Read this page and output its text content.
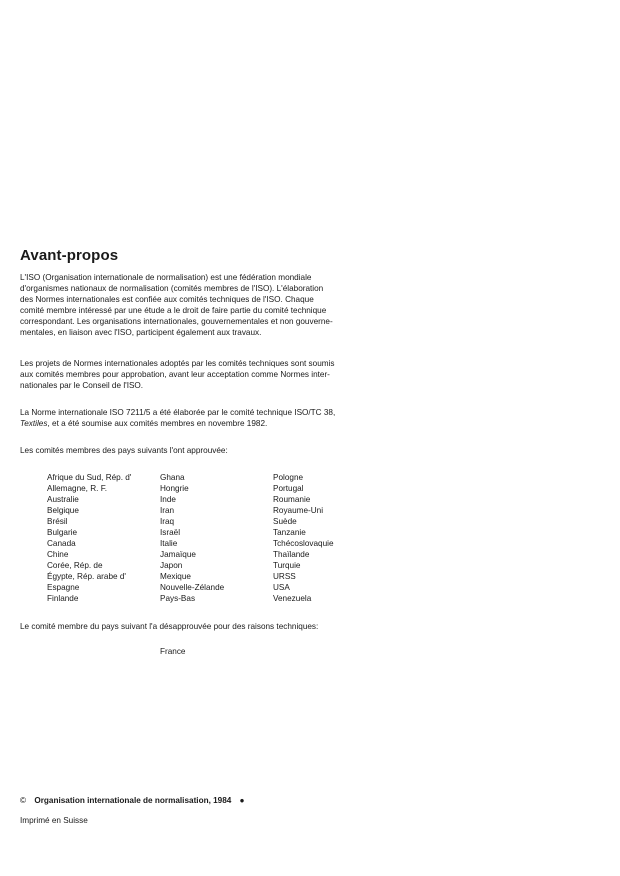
Avant-propos
L'ISO (Organisation internationale de normalisation) est une fédération mondiale
d'organismes nationaux de normalisation (comités membres de l'ISO). L'élaboration
des Normes internationales est confiée aux comités techniques de l'ISO. Chaque
comité membre intéressé par une étude a le droit de faire partie du comité technique
correspondant. Les organisations internationales, gouvernementales et non gouverne-
mentales, en liaison avec l'ISO, participent également aux travaux.
Les projets de Normes internationales adoptés par les comités techniques sont soumis
aux comités membres pour approbation, avant leur acceptation comme Normes inter-
nationales par le Conseil de l'ISO.
La Norme internationale ISO 7211/5 a été élaborée par le comité technique ISO/TC 38,
Textiles, et a été soumise aux comités membres en novembre 1982.
Les comités membres des pays suivants l'ont approuvée:
Afrique du Sud, Rép. d'
Allemagne, R. F.
Australie
Belgique
Brésil
Bulgarie
Canada
Chine
Corée, Rép. de
Égypte, Rép. arabe d'
Espagne
Finlande
Ghana
Hongrie
Inde
Iran
Iraq
Israël
Italie
Jamaïque
Japon
Mexique
Nouvelle-Zélande
Pays-Bas
Pologne
Portugal
Roumanie
Royaume-Uni
Suède
Tanzanie
Tchécoslovaquie
Thaïlande
Turquie
URSS
USA
Venezuela
Le comité membre du pays suivant l'a désapprouvée pour des raisons techniques:
France
© Organisation internationale de normalisation, 1984 ●
Imprimé en Suisse
